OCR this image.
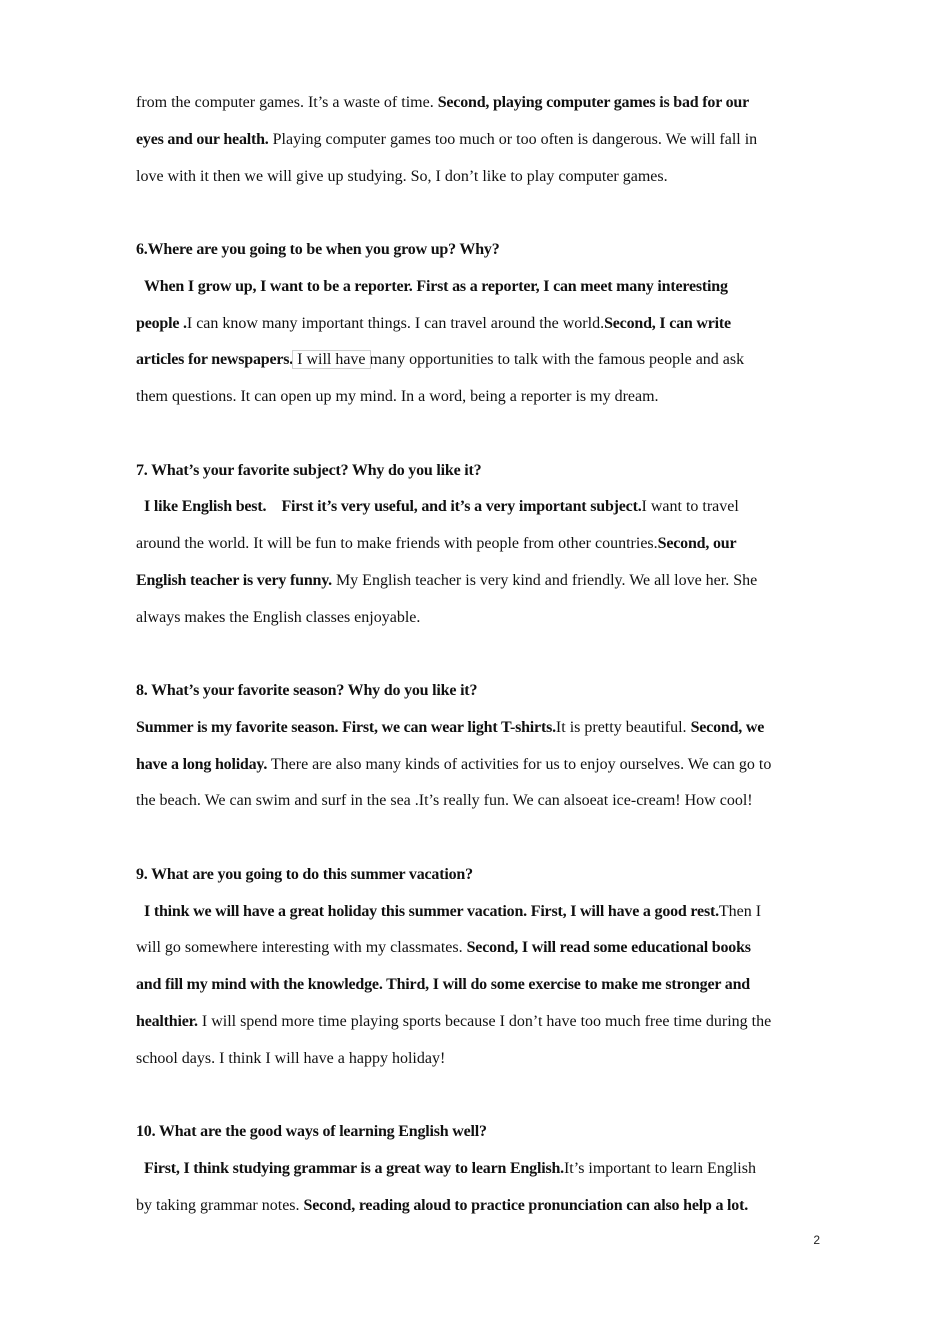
from the computer games. It’s a waste of time. Second, playing computer games is bad for our
eyes and our health. Playing computer games too much or too often is dangerous. We will fall in
love with it then we will give up studying. So, I don’t like to play computer games.
6.Where are you going to be when you grow up? Why?
When I grow up, I want to be a reporter. First as a reporter, I can meet many interesting
people .I can know many important things. I can travel around the world.Second, I can write
articles for newspapers. I will have many opportunities to talk with the famous people and ask
them questions. It can open up my mind. In a word, being a reporter is my dream.
7. What’s your favorite subject? Why do you like it?
I like English best.    First it’s very useful, and it’s a very important subject.I want to travel
around the world. It will be fun to make friends with people from other countries.Second, our
English teacher is very funny. My English teacher is very kind and friendly. We all love her. She
always makes the English classes enjoyable.
8. What’s your favorite season? Why do you like it?
Summer is my favorite season. First, we can wear light T-shirts.It is pretty beautiful. Second, we
have a long holiday. There are also many kinds of activities for us to enjoy ourselves. We can go to
the beach. We can swim and surf in the sea .It’s really fun. We can alsoeat ice-cream! How cool!
9. What are you going to do this summer vacation?
I think we will have a great holiday this summer vacation. First, I will have a good rest.Then I
will go somewhere interesting with my classmates. Second, I will read some educational books
and fill my mind with the knowledge. Third, I will do some exercise to make me stronger and
healthier. I will spend more time playing sports because I don’t have too much free time during the
school days. I think I will have a happy holiday!
10. What are the good ways of learning English well?
First, I think studying grammar is a great way to learn English.It’s important to learn English
by taking grammar notes. Second, reading aloud to practice pronunciation can also help a lot.
2
